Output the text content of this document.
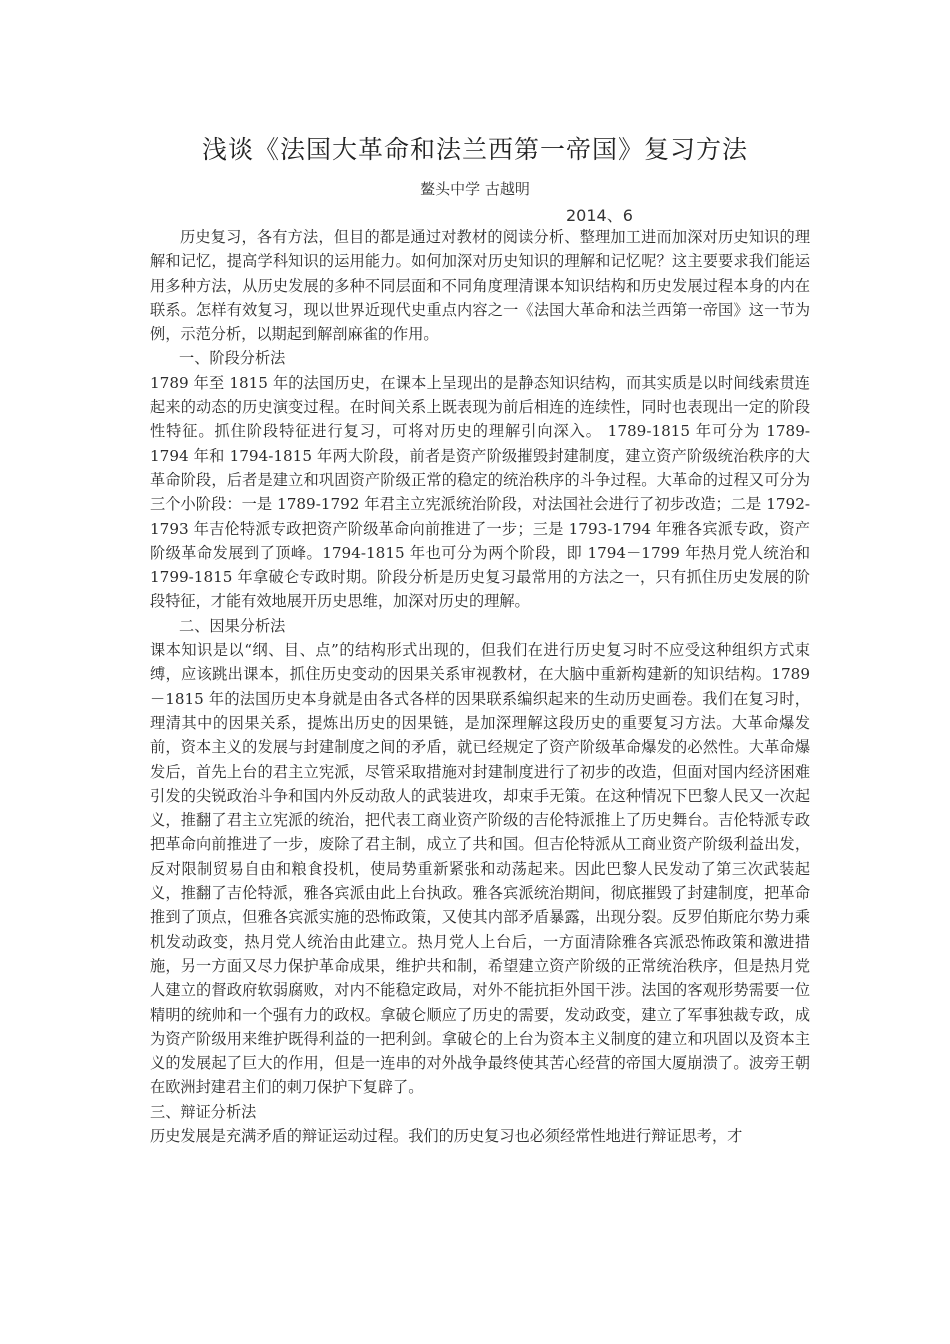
浅谈《法国大革命和法兰西第一帝国》复习方法
鳌头中学 古越明
2014、6

历史复习，各有方法，但目的都是通过对教材的阅读分析、整理加工进而加深对历史知识的理解和记忆，提高学科知识的运用能力。如何加深对历史知识的理解和记忆呢？这主要要求我们能运用多种方法，从历史发展的多种不同层面和不同角度理清课本知识结构和历史发展过程本身的内在联系。怎样有效复习，现以世界近现代史重点内容之一《法国大革命和法兰西第一帝国》这一节为例，示范分析，以期起到解剖麻雀的作用。

一、阶段分析法

1789 年至 1815 年的法国历史，在课本上呈现出的是静态知识结构，而其实质是以时间线索贯连起来的动态的历史演变过程。在时间关系上既表现为前后相连的连续性，同时也表现出一定的阶段性特征。抓住阶段特征进行复习，可将对历史的理解引向深入。 1789-1815 年可分为 1789-1794 年和 1794-1815 年两大阶段，前者是资产阶级摧毁封建制度，建立资产阶级统治秩序的大革命阶段，后者是建立和巩固资产阶级正常的稳定的统治秩序的斗争过程。大革命的过程又可分为三个小阶段：一是 1789-1792 年君主立宪派统治阶段，对法国社会进行了初步改造；二是 1792-1793 年吉伦特派专政把资产阶级革命向前推进了一步；三是 1793-1794 年雅各宾派专政，资产阶级革命发展到了顶峰。1794-1815 年也可分为两个阶段，即 1794－1799 年热月党人统治和 1799-1815 年拿破仑专政时期。阶段分析是历史复习最常用的方法之一，只有抓住历史发展的阶段特征，才能有效地展开历史思维，加深对历史的理解。

二、因果分析法

课本知识是以“纲、目、点”的结构形式出现的，但我们在进行历史复习时不应受这种组织方式束缚，应该跳出课本，抓住历史变动的因果关系审视教材，在大脑中重新构建新的知识结构。1789－1815 年的法国历史本身就是由各式各样的因果联系编织起来的生动历史画卷。我们在复习时，理清其中的因果关系，提炼出历史的因果链，是加深理解这段历史的重要复习方法。大革命爆发前，资本主义的发展与封建制度之间的矛盾，就已经规定了资产阶级革命爆发的必然性。大革命爆发后，首先上台的君主立宪派，尽管采取措施对封建制度进行了初步的改造，但面对国内经济困难引发的尖锐政治斗争和国内外反动敌人的武装进攻，却束手无策。在这种情况下巴黎人民又一次起义，推翻了君主立宪派的统治，把代表工商业资产阶级的吉伦特派推上了历史舞台。吉伦特派专政把革命向前推进了一步，废除了君主制，成立了共和国。但吉伦特派从工商业资产阶级利益出发，反对限制贸易自由和粮食投机，使局势重新紧张和动荡起来。因此巴黎人民发动了第三次武装起义，推翻了吉伦特派，雅各宾派由此上台执政。雅各宾派统治期间，彻底摧毁了封建制度，把革命推到了顶点，但雅各宾派实施的恐怖政策，又使其内部矛盾暴露，出现分裂。反罗伯斯庇尔势力乘机发动政变，热月党人统治由此建立。热月党人上台后，一方面清除雅各宾派恐怖政策和激进措施，另一方面又尽力保护革命成果，维护共和制，希望建立资产阶级的正常统治秩序，但是热月党人建立的督政府软弱腐败，对内不能稳定政局，对外不能抗拒外国干涉。法国的客观形势需要一位精明的统帅和一个强有力的政权。拿破仑顺应了历史的需要，发动政变，建立了军事独裁专政，成为资产阶级用来维护既得利益的一把利剑。拿破仑的上台为资本主义制度的建立和巩固以及资本主义的发展起了巨大的作用，但是一连串的对外战争最终使其苦心经营的帝国大厦崩溃了。波旁王朝在欧洲封建君主们的刺刀保护下复辟了。

三、辩证分析法

历史发展是充满矛盾的辩证运动过程。我们的历史复习也必须经常性地进行辩证思考，才
